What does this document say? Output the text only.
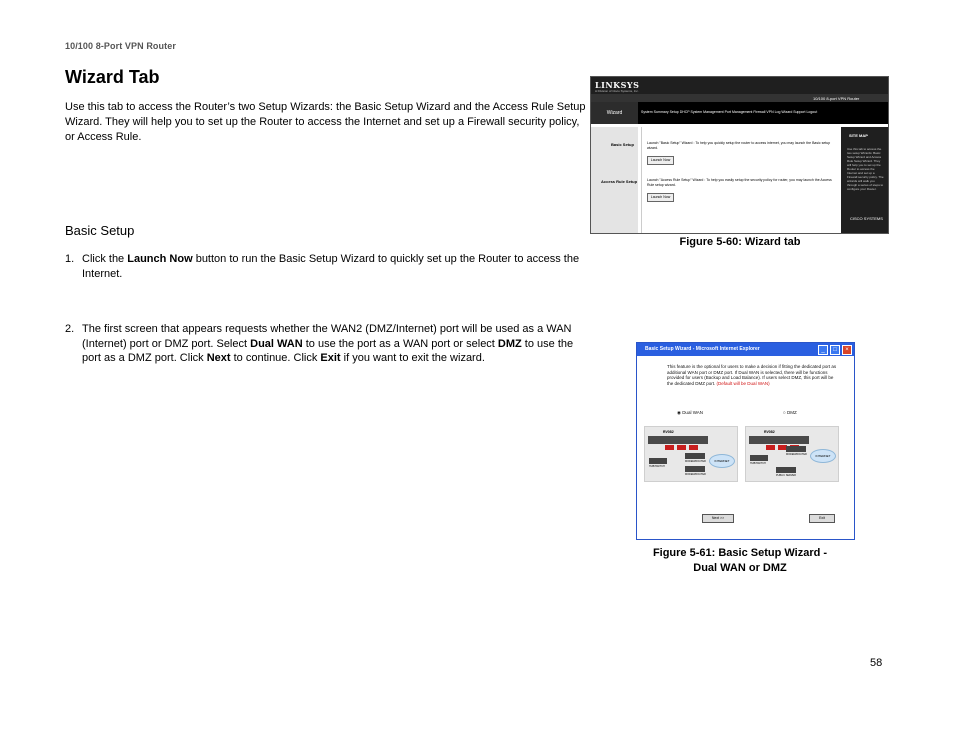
10/100 8-Port VPN Router
Wizard Tab
Use this tab to access the Router’s two Setup Wizards: the Basic Setup Wizard and the Access Rule Setup Wizard. They will help you to set up the Router to access the Internet and set up a Firewall security policy, or Access Rule.
Basic Setup
1. Click the Launch Now button to run the Basic Setup Wizard to quickly set up the Router to access the Internet.
2. The first screen that appears requests whether the WAN2 (DMZ/Internet) port will be used as a WAN (Internet) port or DMZ port. Select Dual WAN to use the port as a WAN port or select DMZ to use the port as a DMZ port. Click Next to continue. Click Exit if you want to exit the wizard.
LINKSYS
A Division of Cisco Systems, Inc.
10/100 8-port VPN Router
Wizard	System Summary Setup DHCP System Management Port Management Firewall VPN Log Wizard Support Logout
Basic Setup
Access Rule Setup
Launch "Basic Setup" Wizard : To help you quickly setup the router to access internet, you may launch the Basic setup wizard.
Launch Now
Launch "Access Rule Setup" Wizard : To help you easily setup the security policy for router, you may launch the Access Rule setup wizard.
Launch Now
SITE MAP
Use this tab to access the two setup Wizards: Basic Setup Wizard and Access Rule Setup Wizard. They will help you to set up the Router to access the Internet and set up a Firewall security policy. The wizards will walk you through a series of steps to configure your Router.
CISCO SYSTEMS
Figure 5-60: Wizard tab
Basic Setup Wizard - Microsoft Internet Explorer	_	□	×
This feature is the optional for users to make a decision if fitting the dedicated port as additional WAN port or DMZ port. If Dual WAN is selected, there will be functions provided for users (Backup and Load Balance). If users select DMZ, this port will be the dedicated DMZ port. (Default will be Dual WAN)
◉ Dual WAN	○ DMZ
RV082
HUB/SWITCH
MODEM/ROUTER
MODEM/ROUTER
INTERNET
RV082
HUB/SWITCH
MODEM/ROUTER
PUBLIC SERVER
INTERNET
Next >>	Exit
Figure 5-61: Basic Setup Wizard -
Dual WAN or DMZ
58
